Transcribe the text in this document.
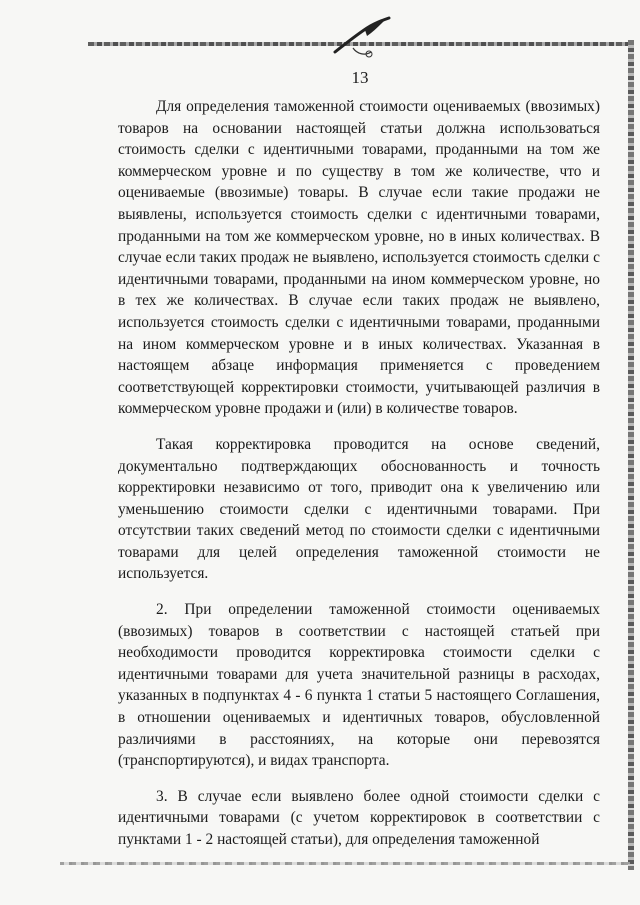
13

Для определения таможенной стоимости оцениваемых (ввозимых) товаров на основании настоящей статьи должна использоваться стоимость сделки с идентичными товарами, проданными на том же коммерческом уровне и по существу в том же количестве, что и оцениваемые (ввозимые) товары. В случае если такие продажи не выявлены, используется стоимость сделки с идентичными товарами, проданными на том же коммерческом уровне, но в иных количествах. В случае если таких продаж не выявлено, используется стоимость сделки с идентичными товарами, проданными на ином коммерческом уровне, но в тех же количествах. В случае если таких продаж не выявлено, используется стоимость сделки с идентичными товарами, проданными на ином коммерческом уровне и в иных количествах. Указанная в настоящем абзаце информация применяется с проведением соответствующей корректировки стоимости, учитывающей различия в коммерческом уровне продажи и (или) в количестве товаров.

Такая корректировка проводится на основе сведений, документально подтверждающих обоснованность и точность корректировки независимо от того, приводит она к увеличению или уменьшению стоимости сделки с идентичными товарами. При отсутствии таких сведений метод по стоимости сделки с идентичными товарами для целей определения таможенной стоимости не используется.

2. При определении таможенной стоимости оцениваемых (ввозимых) товаров в соответствии с настоящей статьей при необходимости проводится корректировка стоимости сделки с идентичными товарами для учета значительной разницы в расходах, указанных в подпунктах 4 - 6 пункта 1 статьи 5 настоящего Соглашения, в отношении оцениваемых и идентичных товаров, обусловленной различиями в расстояниях, на которые они перевозятся (транспортируются), и видах транспорта.

3. В случае если выявлено более одной стоимости сделки с идентичными товарами (с учетом корректировок в соответствии с пунктами 1 - 2 настоящей статьи), для определения таможенной
